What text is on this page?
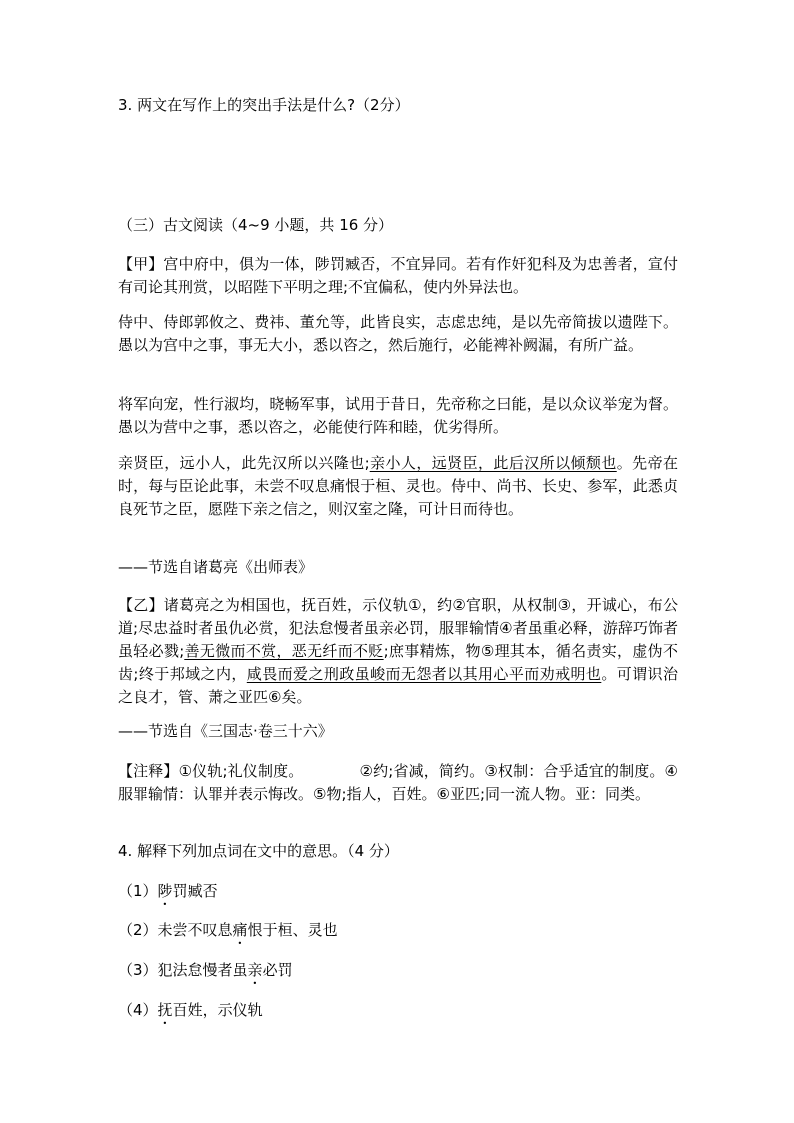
3. 两文在写作上的突出手法是什么?（2分）
（三）古文阅读（4~9 小题，共 16 分）
【甲】宫中府中，俱为一体，陟罚臧否，不宜异同。若有作奸犯科及为忠善者，宣付有司论其刑赏，以昭陛下平明之理;不宜偏私，使内外异法也。
侍中、侍郎郭攸之、费祎、董允等，此皆良实，志虑忠纯，是以先帝简拔以遗陛下。愚以为宫中之事，事无大小，悉以咨之，然后施行，必能裨补阙漏，有所广益。
将军向宠，性行淑均，晓畅军事，试用于昔日，先帝称之曰能，是以众议举宠为督。愚以为营中之事，悉以咨之，必能使行阵和睦，优劣得所。
亲贤臣，远小人，此先汉所以兴隆也;亲小人，远贤臣，此后汉所以倾颓也。先帝在时，每与臣论此事，未尝不叹息痛恨于桓、灵也。侍中、尚书、长史、参军，此悉贞良死节之臣，愿陛下亲之信之，则汉室之隆，可计日而待也。
——节选自诸葛亮《出师表》
【乙】诸葛亮之为相国也，抚百姓，示仪轨①，约②官职，从权制③，开诚心，布公道;尽忠益时者虽仇必赏，犯法怠慢者虽亲必罚，服罪输情④者虽重必释，游辞巧饰者虽轻必戮;善无微而不赏，恶无纤而不贬;庶事精炼，物⑤理其本，循名责实，虚伪不齿;终于邦域之内，咸畏而爱之刑政虽峻而无怨者以其用心平而劝戒明也。可谓识治之良才，管、萧之亚匹⑥矣。
——节选自《三国志·卷三十六》
【注释】①仪轨;礼仪制度。	②约;省减，简约。③权制：合乎适宜的制度。④服罪输情：认罪并表示悔改。⑤物;指人，百姓。⑥亚匹;同一流人物。亚：同类。
4. 解释下列加点词在文中的意思。（4 分）
（1）陟罚臧否
（2）未尝不叹息痛恨于桓、灵也
（3）犯法怠慢者虽亲必罚
（4）抚百姓，示仪轨
